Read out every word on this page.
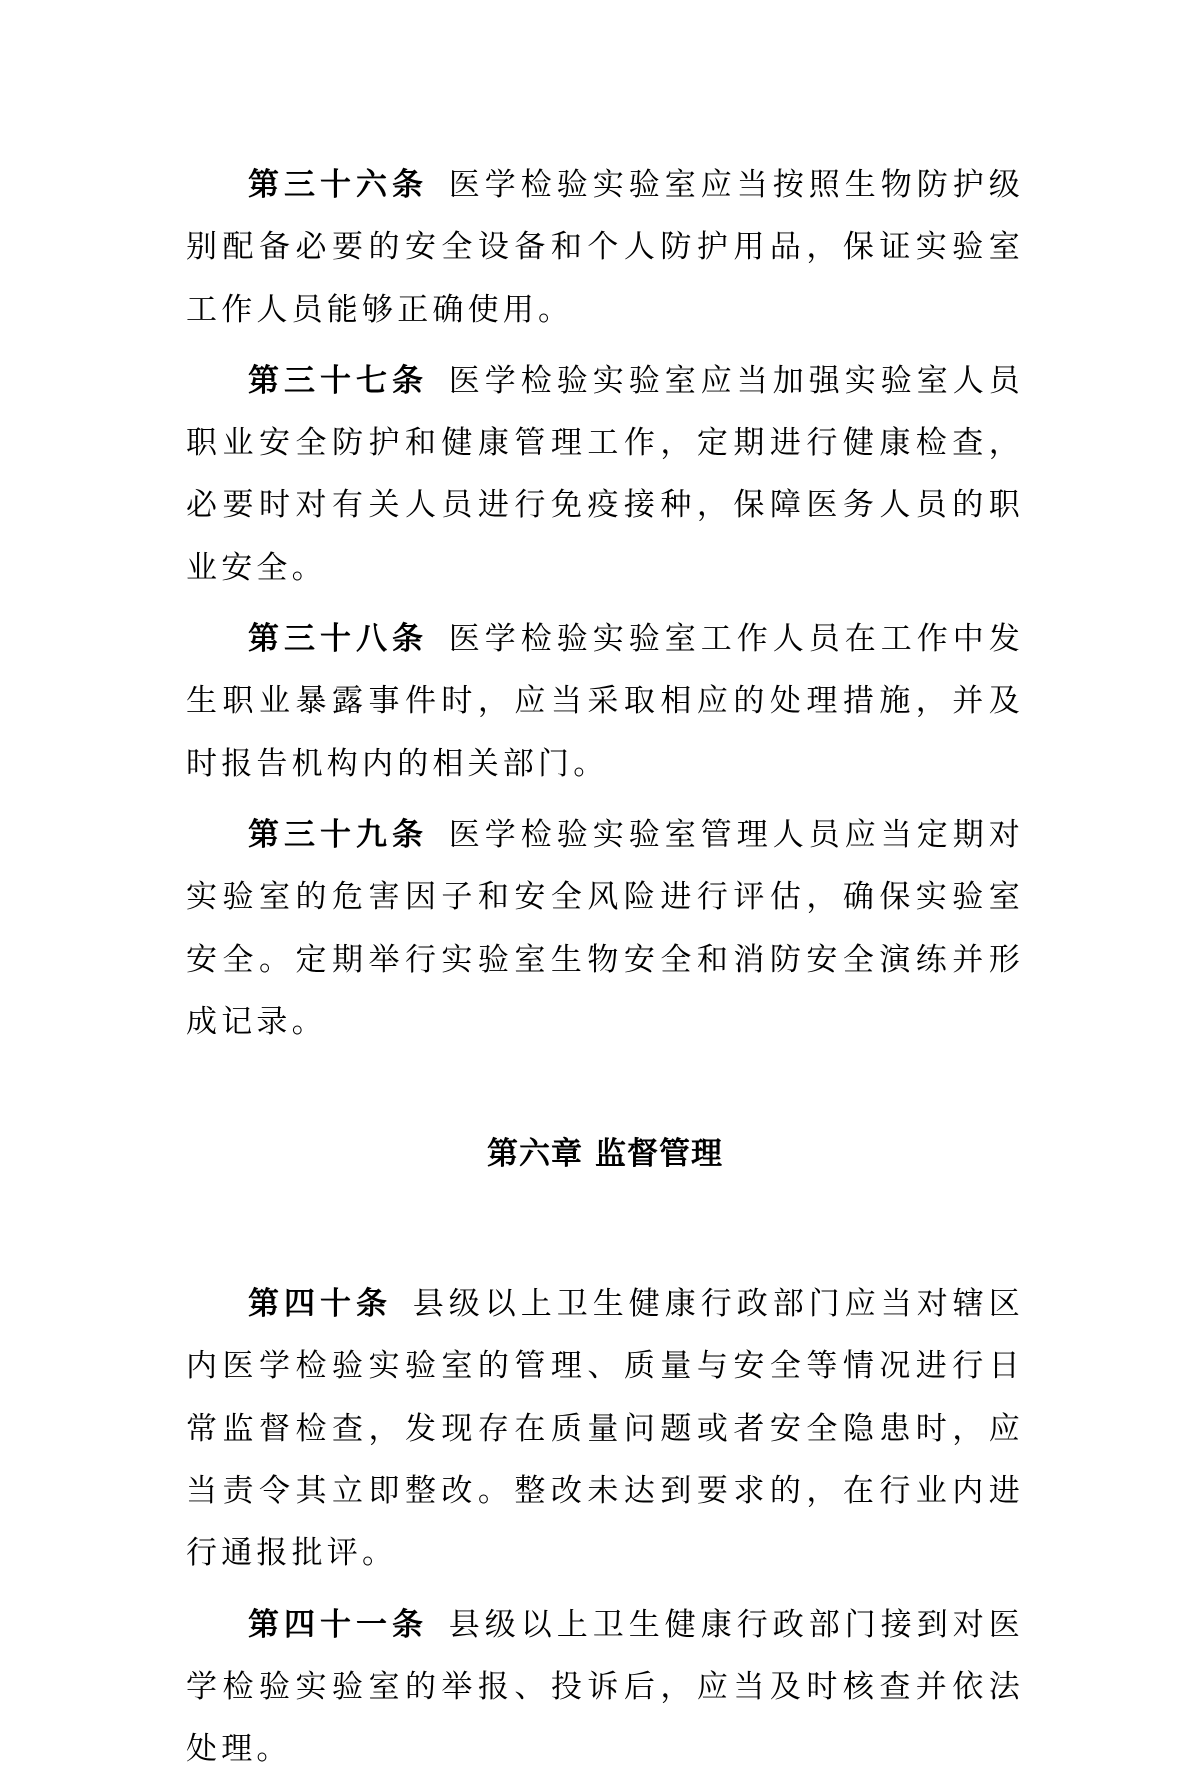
第三十六条 医学检验实验室应当按照生物防护级别配备必要的安全设备和个人防护用品，保证实验室工作人员能够正确使用。

第三十七条 医学检验实验室应当加强实验室人员职业安全防护和健康管理工作，定期进行健康检查，必要时对有关人员进行免疫接种，保障医务人员的职业安全。

第三十八条 医学检验实验室工作人员在工作中发生职业暴露事件时，应当采取相应的处理措施，并及时报告机构内的相关部门。

第三十九条 医学检验实验室管理人员应当定期对实验室的危害因子和安全风险进行评估，确保实验室安全。定期举行实验室生物安全和消防安全演练并形成记录。

第六章 监督管理

第四十条 县级以上卫生健康行政部门应当对辖区内医学检验实验室的管理、质量与安全等情况进行日常监督检查，发现存在质量问题或者安全隐患时，应当责令其立即整改。整改未达到要求的，在行业内进行通报批评。

第四十一条 县级以上卫生健康行政部门接到对医学检验实验室的举报、投诉后，应当及时核查并依法处理。
